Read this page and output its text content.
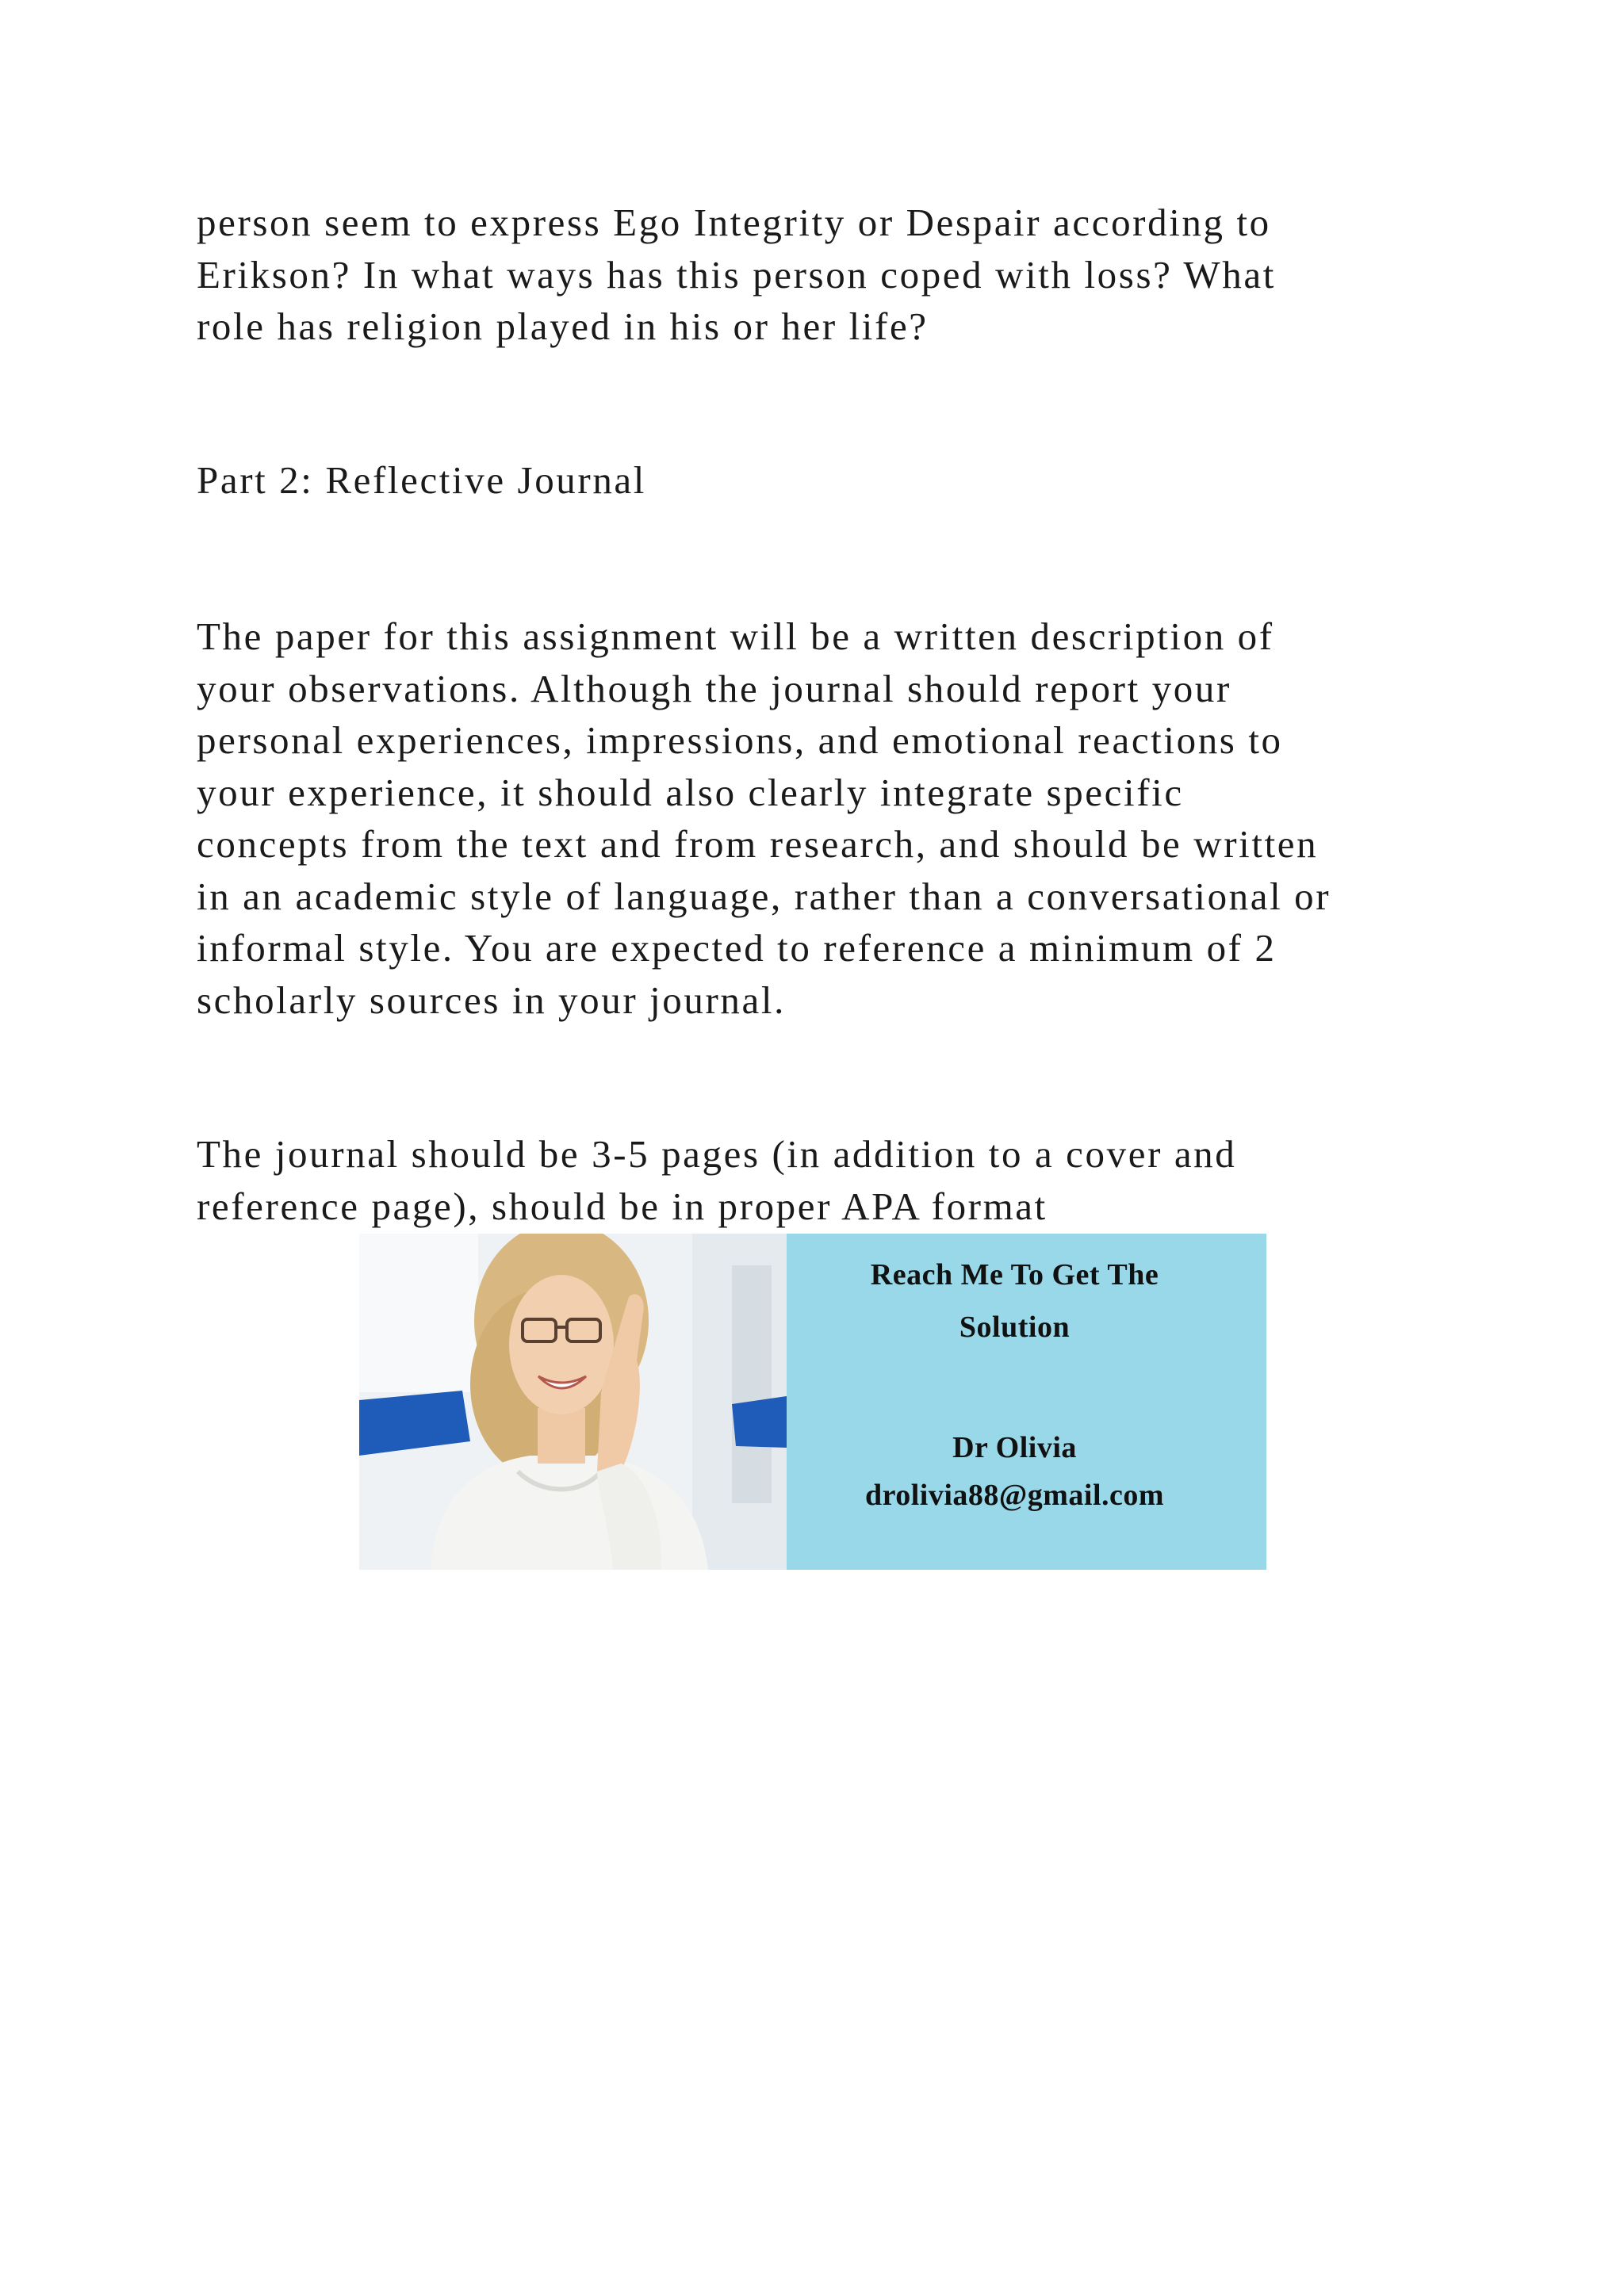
person seem to express Ego Integrity or Despair according to
Erikson? In what ways has this person coped with loss? What
role has religion played in his or her life?
Part 2: Reflective Journal
The paper for this assignment will be a written description of
your observations. Although the journal should report your
personal experiences, impressions, and emotional reactions to
your experience, it should also clearly integrate specific
concepts from the text and from research, and should be written
in an academic style of language, rather than a conversational or
informal style. You are expected to reference a minimum of 2
scholarly sources in your journal.
The journal should be 3-5 pages (in addition to a cover and
reference page), should be in proper APA format
Reach Me To Get The
Solution
Dr Olivia
drolivia88@gmail.com
